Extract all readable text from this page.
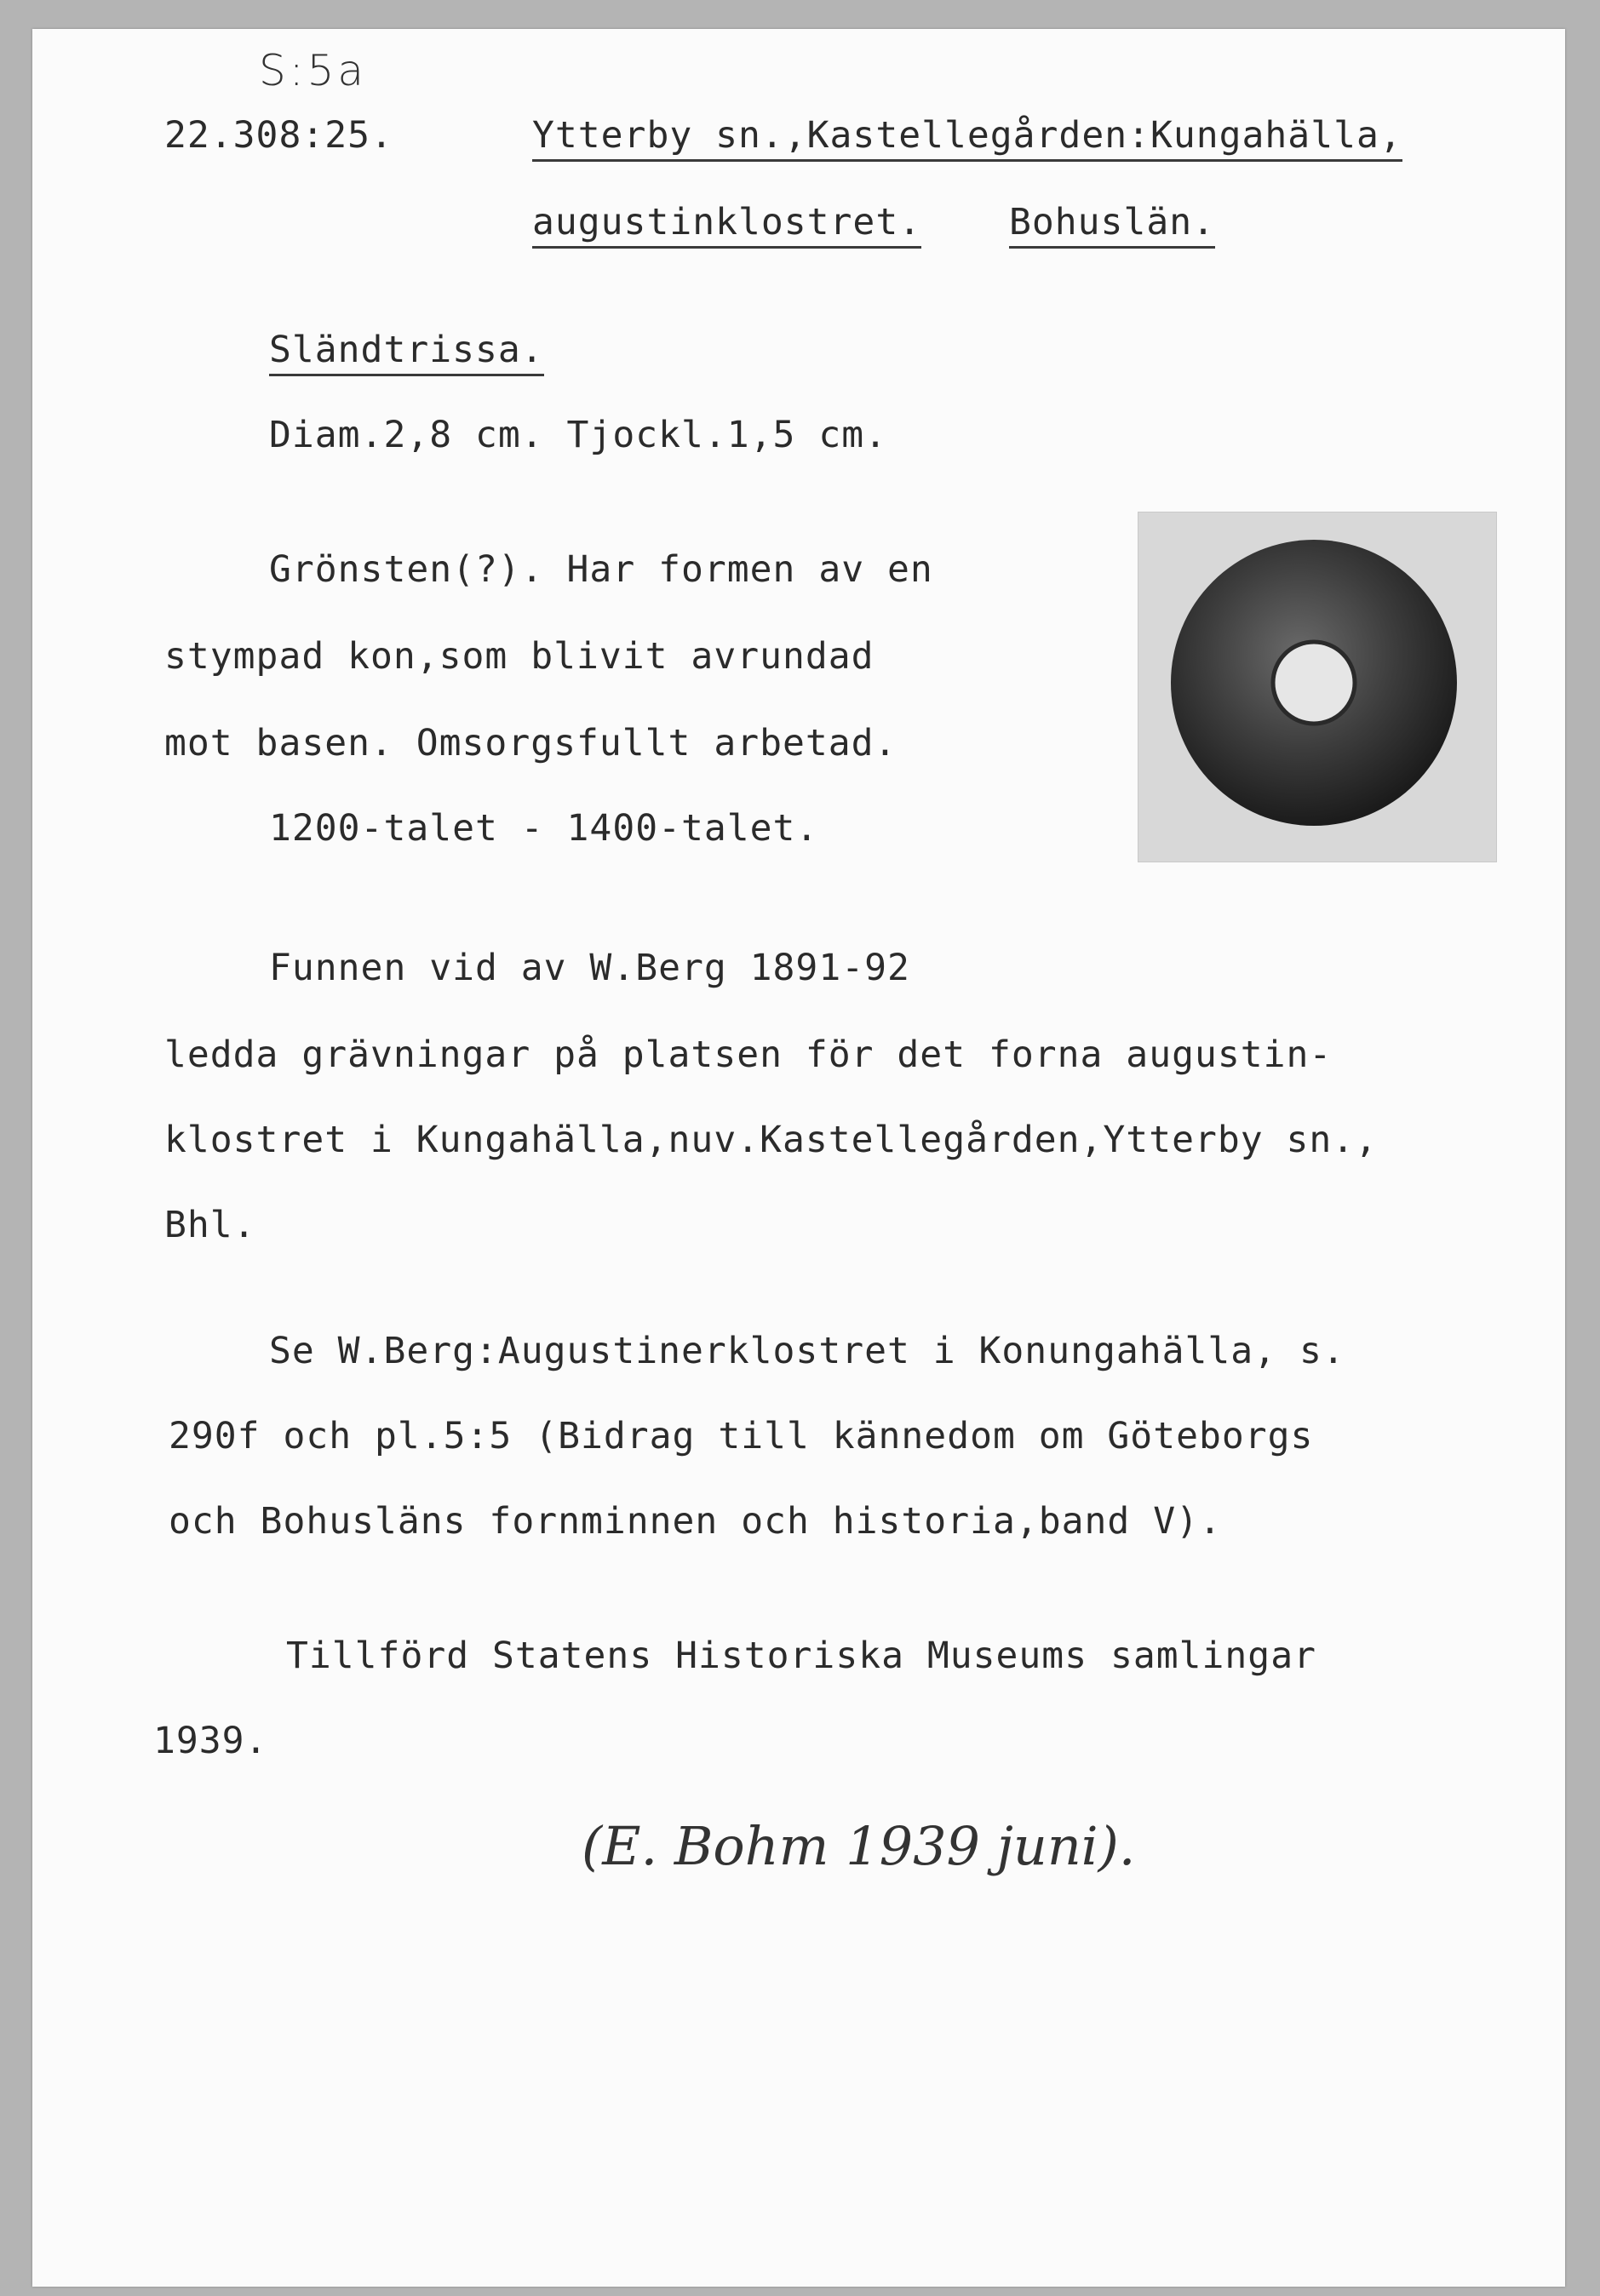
S:5a
22.308:25.	Ytterby sn.,Kastellegården:Kungahälla,
augustinklostret. Bohuslän.
Sländtrissa.
Diam.2,8 cm. Tjockl.1,5 cm.
Grönsten(?). Har formen av en
stympad kon,som blivit avrundad
mot basen. Omsorgsfullt arbetad.
1200-talet - 1400-talet.
Funnen vid av W.Berg 1891-92
ledda grävningar på platsen för det forna augustin-
klostret i Kungahälla,nuv.Kastellegården,Ytterby sn.,
Bhl.
Se W.Berg:Augustinerklostret i Konungahälla, s.
290f och pl.5:5 (Bidrag till kännedom om Göteborgs
och Bohusläns fornminnen och historia,band V).
Tillförd Statens Historiska Museums samlingar
1939.
(E. Bohm 1939 juni).
